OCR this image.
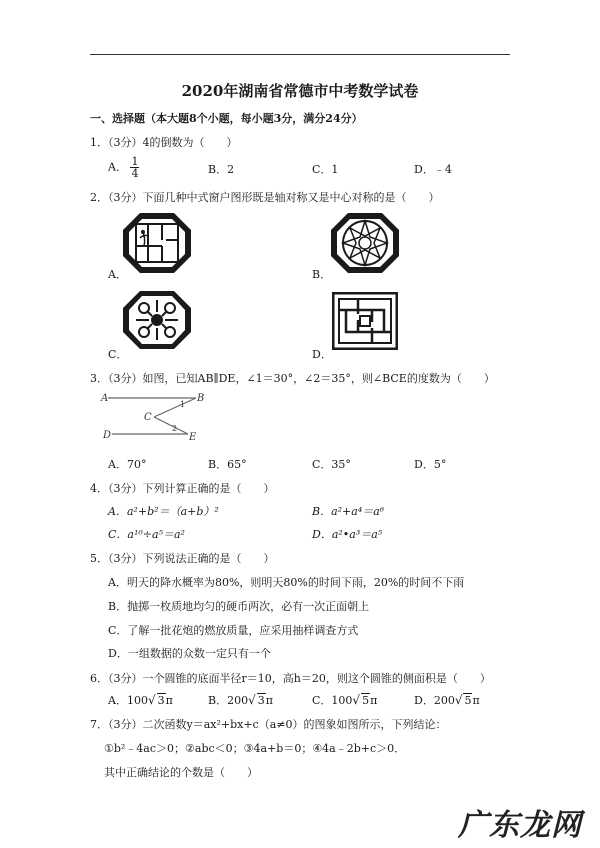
2020年湖南省常德市中考数学试卷
一、选择题（本大题8个小题，每小题3分，满分24分）
1．（3分）4的倒数为（　　）
A． $\frac{1}{4}$	B．2	C．1	D．﹣4
2．（3分）下面几种中式窗户图形既是轴对称又是中心对称的是（　　）
A．	B．
C．	D．
3．（3分）如图，已知AB∥DE，∠1＝30°，∠2＝35°，则∠BCE的度数为（　　）
A	B
C
D	E
1
2
A．70°	B．65°	C．35°	D．5°
4．（3分）下列计算正确的是（　　）
A．a²+b²＝（a+b）²	B．a²+a⁴＝a⁶
C．a¹⁰÷a⁵＝a²	D．a²•a³＝a⁵
5．（3分）下列说法正确的是（　　）
A．明天的降水概率为80%，则明天80%的时间下雨，20%的时间不下雨
B．抛掷一枚质地均匀的硬币两次，必有一次正面朝上
C．了解一批花炮的燃放质量，应采用抽样调查方式
D．一组数据的众数一定只有一个
6．（3分）一个圆锥的底面半径r＝10，高h＝20，则这个圆锥的侧面积是（　　）
A．100√ 3π	B．200√ 3π	C．100√ 5π	D．200√ 5π
7．（3分）二次函数y＝ax²+bx+c（a≠0）的图象如图所示，下列结论：
①b²﹣4ac＞0；②abc＜0；③4a+b＝0；④4a﹣2b+c＞0．
其中正确结论的个数是（　　）
广东龙网
